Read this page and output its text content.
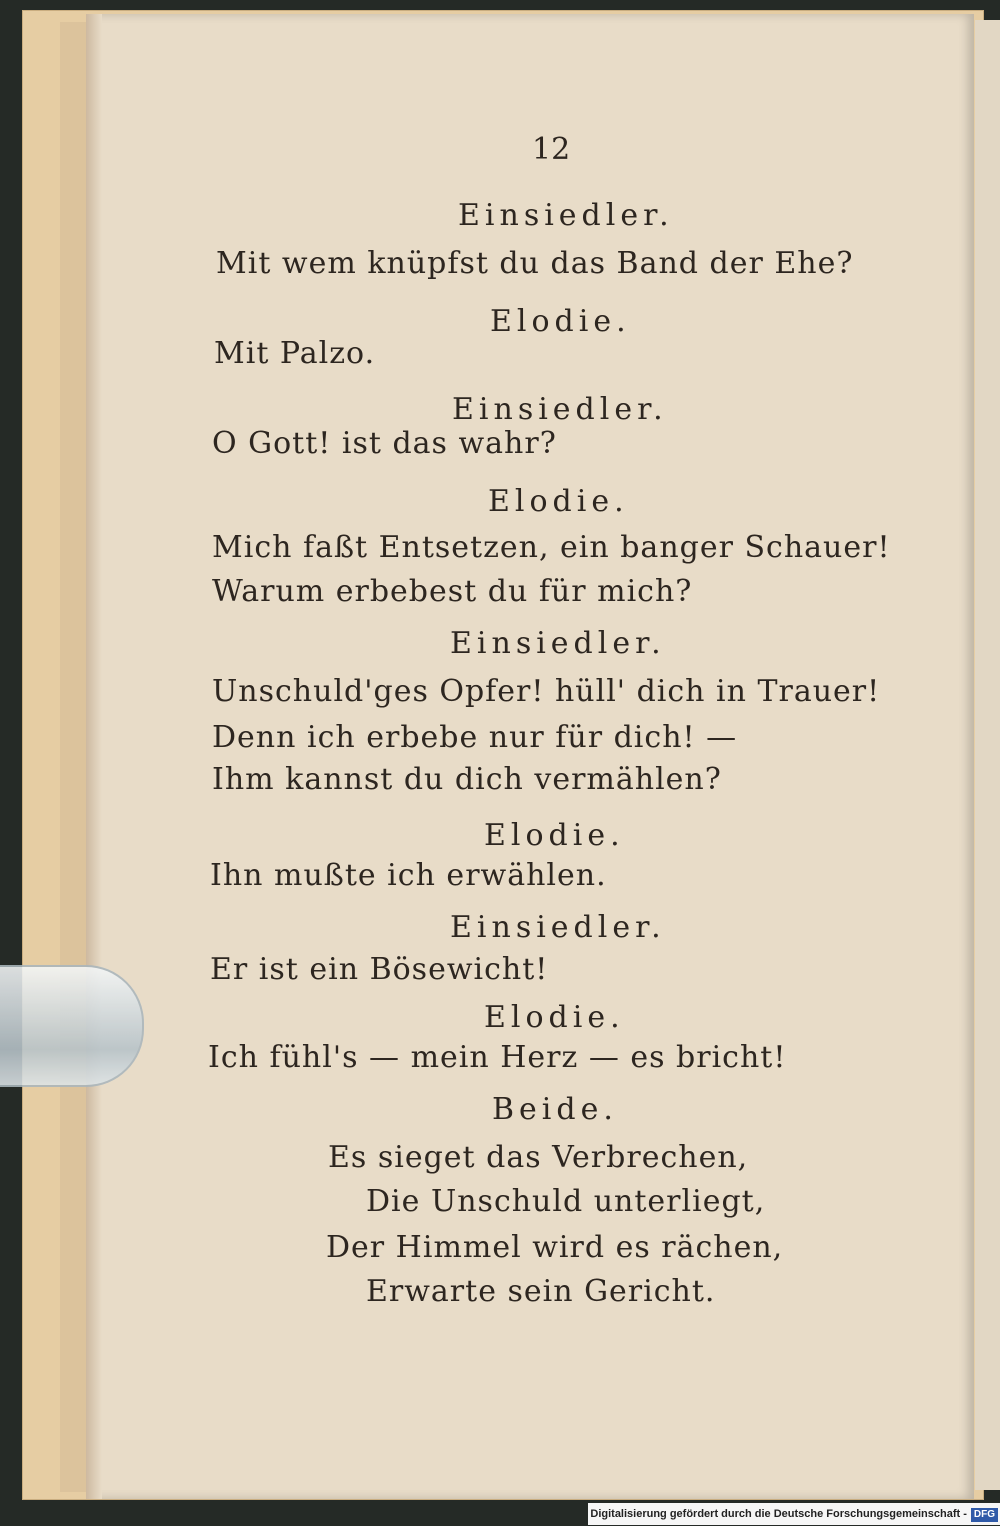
12
Einsiedler.
Mit wem knüpfst du das Band der Ehe?
Elodie.
Mit Palzo.
Einsiedler.
O Gott! ist das wahr?
Elodie.
Mich faßt Entsetzen, ein banger Schauer!
Warum erbebest du für mich?
Einsiedler.
Unschuld'ges Opfer! hüll' dich in Trauer!
Denn ich erbebe nur für dich! —
Ihm kannst du dich vermählen?
Elodie.
Ihn mußte ich erwählen.
Einsiedler.
Er ist ein Bösewicht!
Elodie.
Ich fühl's — mein Herz — es bricht!
Beide.
Es sieget das Verbrechen,
Die Unschuld unterliegt,
Der Himmel wird es rächen,
Erwarte sein Gericht.
Digitalisierung gefördert durch die Deutsche Forschungsgemeinschaft - DFG
